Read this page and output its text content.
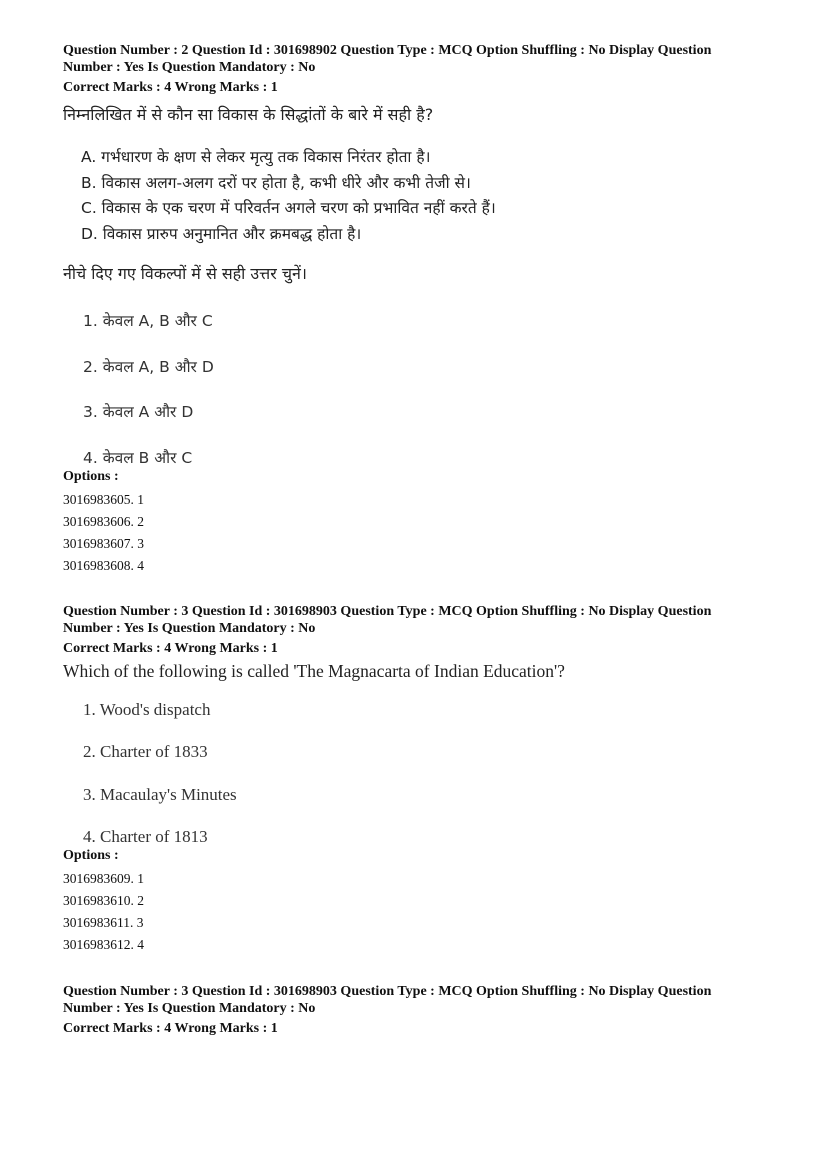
Question Number : 2 Question Id : 301698902 Question Type : MCQ Option Shuffling : No Display Question

Number : Yes Is Question Mandatory : No

Correct Marks : 4 Wrong Marks : 1

निम्नलिखित में से कौन सा विकास के सिद्धांतों के बारे में सही है?

A. गर्भधारण के क्षण से लेकर मृत्यु तक विकास निरंतर होता है।

B. विकास अलग-अलग दरों पर होता है, कभी धीरे और कभी तेजी से।

C. विकास के एक चरण में परिवर्तन अगले चरण को प्रभावित नहीं करते हैं।

D. विकास प्रारुप अनुमानित और क्रमबद्ध होता है।

नीचे दिए गए विकल्पों में से सही उत्तर चुनें।

1. केवल A, B और C

2. केवल A, B और D

3. केवल A और D

4. केवल B और C

Options :

3016983605. 1

3016983606. 2

3016983607. 3

3016983608. 4

Question Number : 3 Question Id : 301698903 Question Type : MCQ Option Shuffling : No Display Question

Number : Yes Is Question Mandatory : No

Correct Marks : 4 Wrong Marks : 1

Which of the following is called 'The Magnacarta of Indian Education'?

1. Wood's dispatch

2. Charter of 1833

3. Macaulay's Minutes

4. Charter of 1813

Options :

3016983609. 1

3016983610. 2

3016983611. 3

3016983612. 4

Question Number : 3 Question Id : 301698903 Question Type : MCQ Option Shuffling : No Display Question

Number : Yes Is Question Mandatory : No

Correct Marks : 4 Wrong Marks : 1
